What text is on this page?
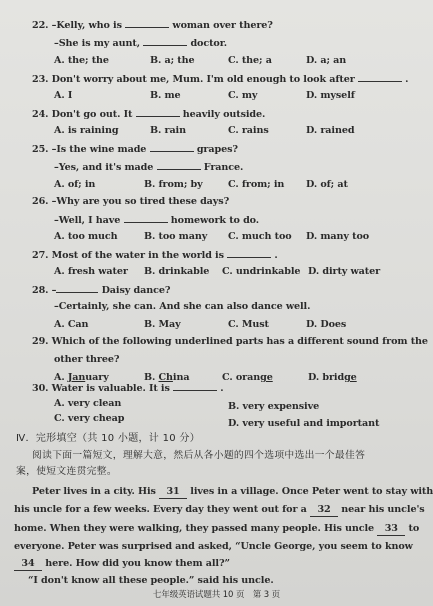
22. –Kelly, who is	woman over there?
–She is my aunt,	doctor.
A. the; the	B. a; the	C. the; a	D. a; an
23. Don't worry about me, Mum. I'm old enough to look after	.
A. I	B. me	C. my	D. myself
24. Don't go out. It	heavily outside.
A. is raining	B. rain	C. rains	D. rained
25. –Is the wine made	grapes?
–Yes, and it's made	France.
A. of; in	B. from; by	C. from; in D. of; at
26. –Why are you so tired these days?
–Well, I have	homework to do.
A. too much	B. too many C. much too D. many too
27. Most of the water in the world is	.
A. fresh water B. drinkable C. undrinkable D. dirty water
28. –	Daisy dance?
–Certainly, she can. And she can also dance well.
A. Can	B. May	C. Must	D. Does
29. Which of the following underlined parts has a different sound from the
other three?
A. January	B. China	C. orange	D. bridge
30. Water is valuable. It is	.
A. very clean	B. very expensive
C. very cheap	D. very useful and important
Ⅳ．完形填空（共 10 小题，计 10 分）
阅读下面一篇短文，理解大意，然后从各小题的四个选项中选出一个最佳答
案，使短文连贯完整。
Peter lives in a city. His 31 lives in a village. Once Peter went to stay with
his uncle for a few weeks. Every day they went out for a 32 near his uncle's
home. When they were walking, they passed many people. His uncle 33 to
everyone. Peter was surprised and asked, “Uncle George, you seem to know
34 here. How did you know them all?”
“I don't know all these people.” said his uncle.
七年级英语试题共 10 页　第 3 页
